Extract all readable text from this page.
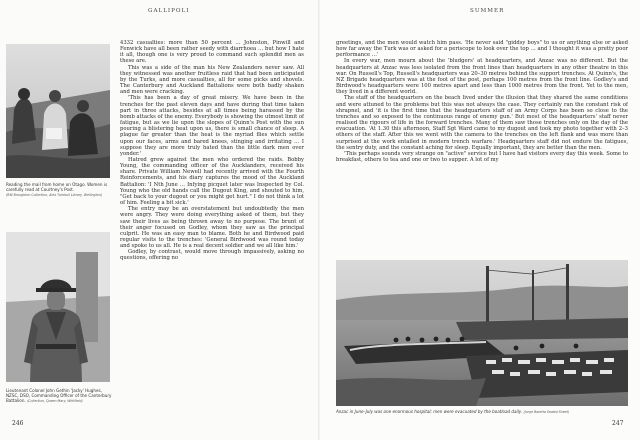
GALLIPOLI
Reading the mail from home on Otago. Women is carefully read at Courtney's Post.
(RW Broughton Collection, Alex Turnbull Library, Wellington)
Lieutenant Colonel John Gethin 'Jacky' Hughes, NZSC, DSO, Commanding Officer of the Canterbury Battalion. (Collection, Queen Mary, Whitfield)

4332 casualties: more than 50 percent … Johnston, Pinwill and Fenwick have all been rather seedy with diarrhoea … but how I hate it all, though one is very proud to command such splendid men as these are.

This was a side of the man his New Zealanders never saw. All they witnessed was another fruitless raid that had been anticipated by the Turks, and more casualties, all for some picks and shovels. The Canterbury and Auckland Battalions were both badly shaken and men were cracking.

'This has been a day of great misery. We have been in the trenches for the past eleven days and have during that time taken part in three attacks, besides at all times being harassed by the bomb attacks of the enemy. Everybody is showing the utmost limit of fatigue, but as we lie upon the slopes of Quinn's Post with the sun pouring a blistering heat upon us, there is small chance of sleep. A plague far greater than the heat is the myriad flies which settle upon our faces, arms and bared knees, stinging and irritating … I suppose they are more truly hated than the little dark men over yonder.'

Hatred grew against the men who ordered the raids. Bobby Young, the commanding officer of the Aucklanders, received his share. Private William Newell had recently arrived with the Fourth Reinforcements, and his diary captures the mood of the Auckland Battalion: 'I Nth June … Infying picquet later was Inspected by Col. Young who the old hands call the Dugout King, and shouted to him, "Get back to your dugout or you might get hurt." I do not think a lot of him. Feeling a bit sick.'

The entry may be an overstatement but undoubtedly the men were angry. They were doing everything asked of them, but they saw their lives as being thrown away to no purpose. The brunt of their anger focused on Godley, whom they saw as the principal culprit. He was an easy man to blame. Both he and Birdwood paid regular visits to the trenches: 'General Birdwood was round today and spoke to us all. He is a real decent soldier and we all like him.'

Godley, by contrast, would move through impassively, asking no questions, offering no

246
SUMMER

greetings, and the men would watch him pass. 'He never said "giddsy boys" to us or anything else or asked how far away the Turk was or asked for a periscope to look over the top … and I thought it was a pretty poor performance …'

In every war, men mourn about the 'bludgers' at headquarters, and Anzac was no different. But the headquarters at Anzac was less isolated from the front lines than headquarters in any other theatre in this war. On Russell's Top, Russell's headquarters was 20–30 metres behind the support trenches. At Quinn's, the NZ Brigade headquarters was at the foot of the post, perhaps 100 metres from the front line. Godley's and Birdwood's headquarters were 100 metres apart and less than 1000 metres from the front. Yet to the men, they lived in a different world.

The staff of the headquarters on the beach lived under the illusion that they shared the same conditions and were attuned to the problems but this was not always the case. They certainly ran the constant risk of shrapnel, and 'it is the first time that the headquarters staff of an Army Corps has been so close to the trenches and so exposed to the continuous range of enemy gun.' But most of the headquarters' staff never realised the rigours of life in the forward trenches. Many of them saw those trenches only on the day of the evacuation. 'At 1.30 this afternoon, Staff Sgt Ward came to my dugout and took my photo together with 2–3 others of the staff. After this we went with the camera to the trenches on the left flank and was more than surprised at the work entailed in modern trench warfare.' Headquarters staff did not endure the fatigues, the sentry duty, and the constant aching for sleep. Equally important, they are better than the men.

'This perhaps sounds very strange on "active" service but I have had visitors every day this week. Some to breakfast, others to tea and one or two to supper. A lot of my

Anzac in June–July was one enormous hospital; men were evacuated by the boatload daily. (Jorge Baretta Sealed Sheet)
247
